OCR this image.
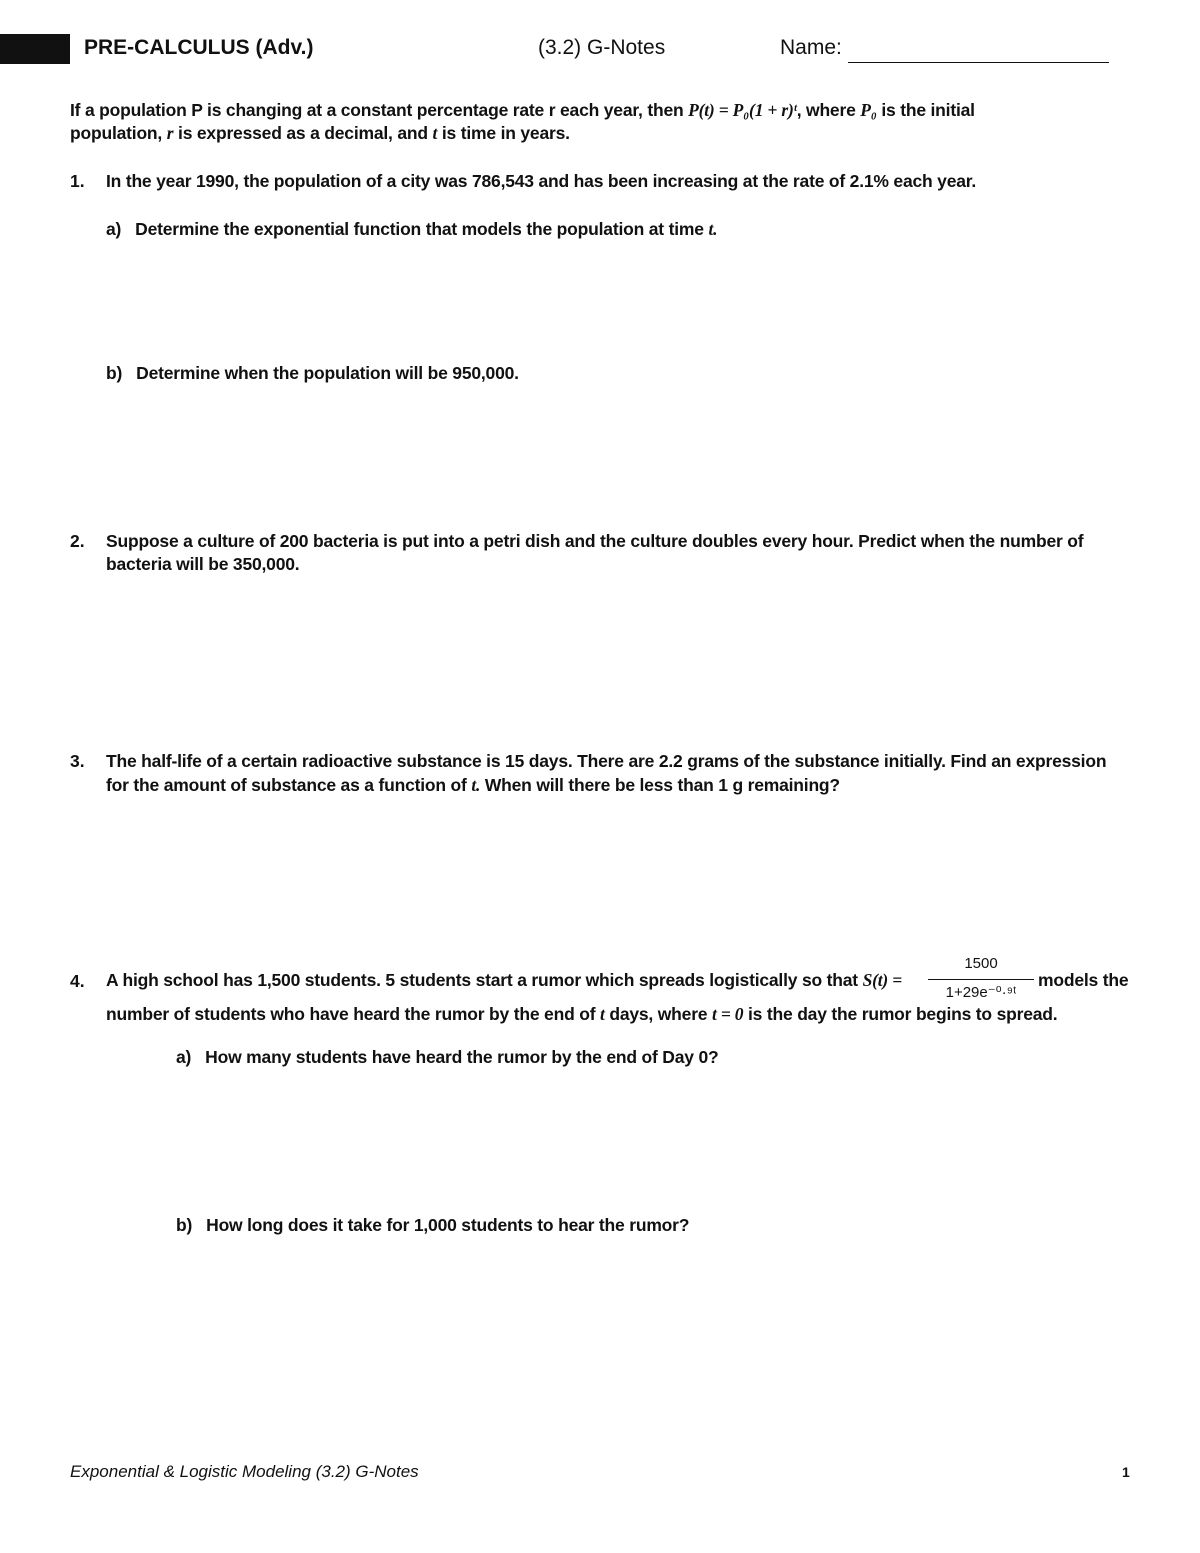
PRE-CALCULUS (Adv.)	(3.2) G-Notes	Name:
If a population P is changing at a constant percentage rate r each year, then P(t) = P₀(1 + r)ᵗ, where P₀ is the initial
population, r is expressed as a decimal, and t is time in years.
1. In the year 1990, the population of a city was 786,543 and has been increasing at the rate of 2.1% each year.
a) Determine the exponential function that models the population at time t.
b) Determine when the population will be 950,000.
2. Suppose a culture of 200 bacteria is put into a petri dish and the culture doubles every hour. Predict when the number of
bacteria will be 350,000.
3. The half-life of a certain radioactive substance is 15 days. There are 2.2 grams of the substance initially. Find an expression
for the amount of substance as a function of t. When will there be less than 1 g remaining?
4. A high school has 1,500 students. 5 students start a rumor which spreads logistically so that S(t) =
1500
1+29e⁻⁰·⁹ᵗ
models the
number of students who have heard the rumor by the end of t days, where t = 0 is the day the rumor begins to spread.
a) How many students have heard the rumor by the end of Day 0?
b) How long does it take for 1,000 students to hear the rumor?
Exponential & Logistic Modeling (3.2) G-Notes	1
